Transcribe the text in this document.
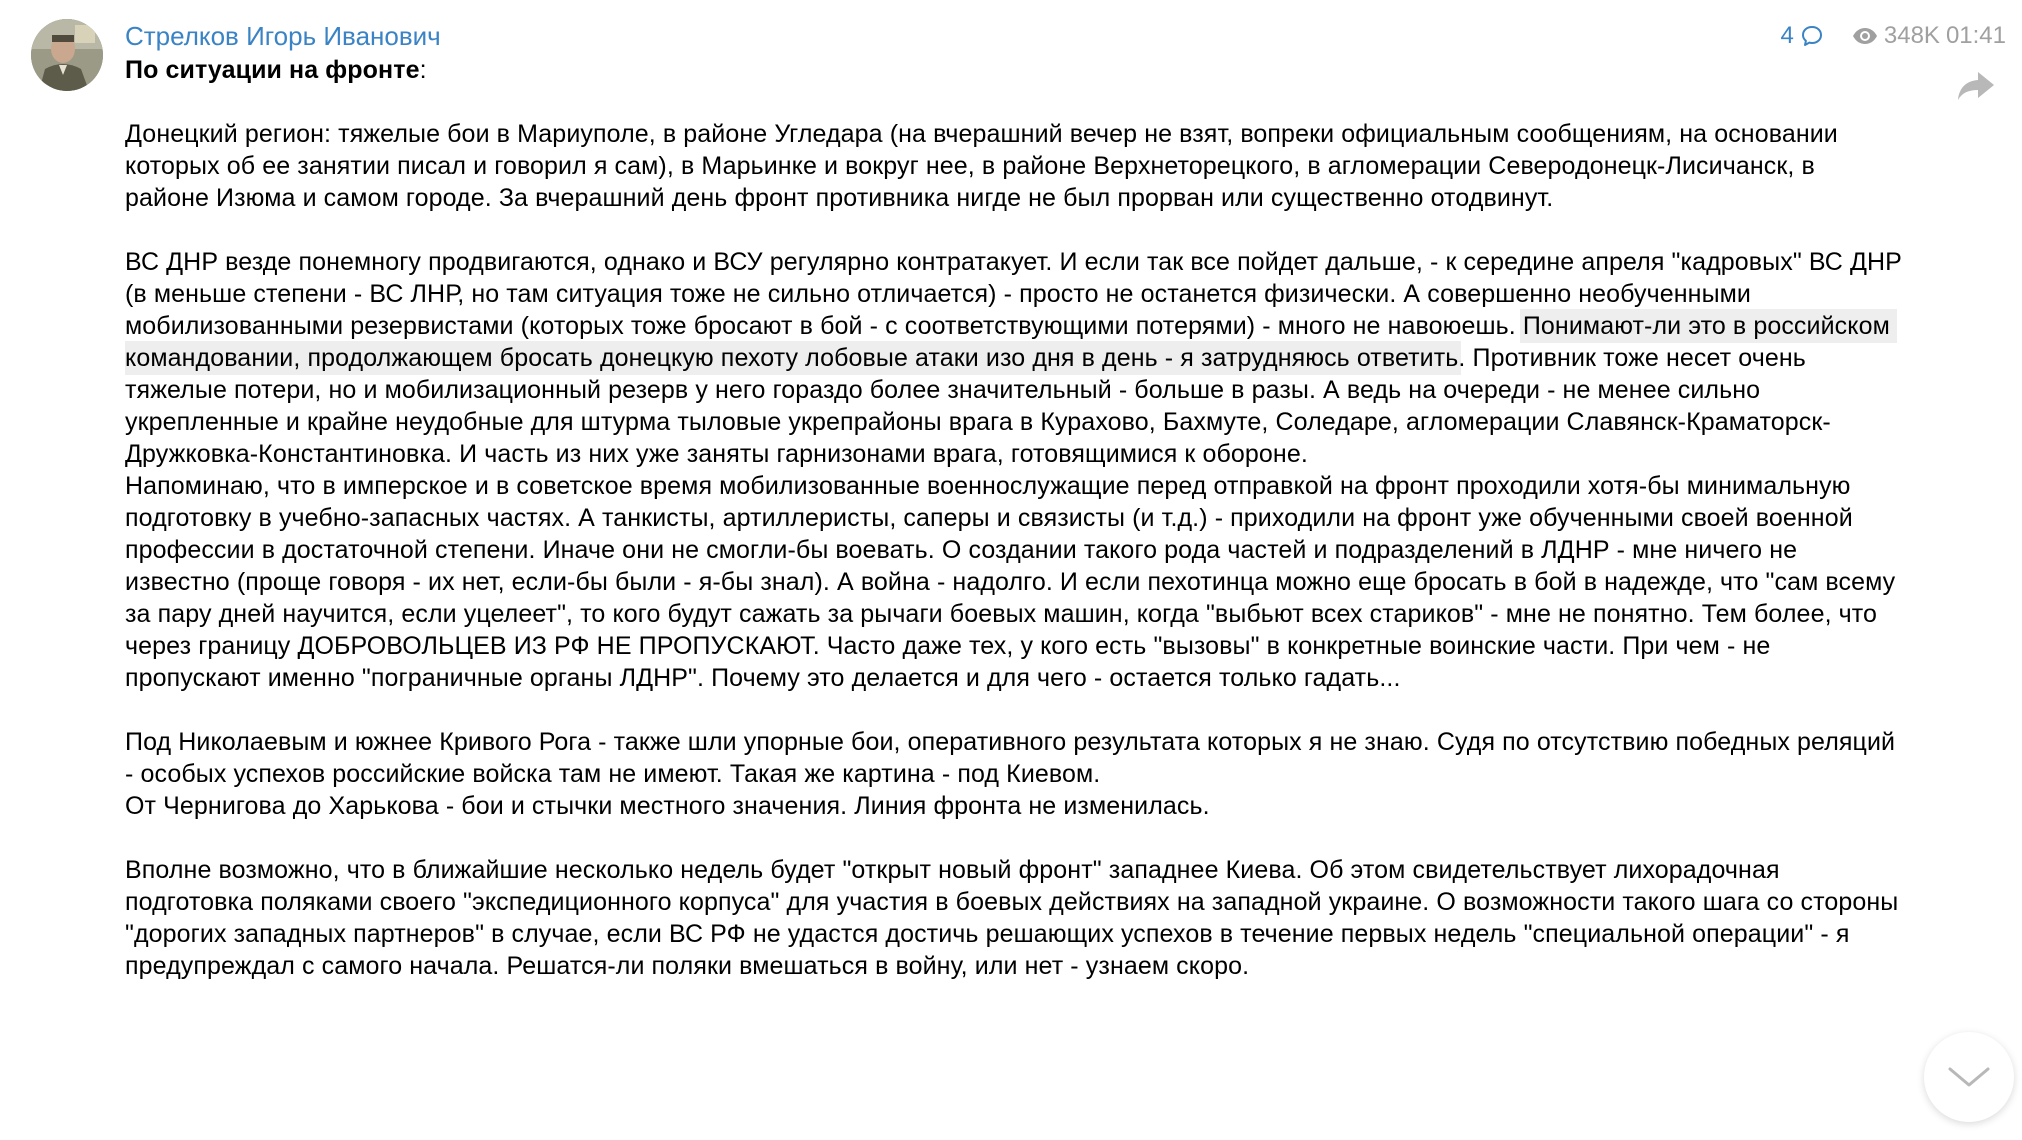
Стрелков Игорь Иванович

По ситуации на фронте:

Донецкий регион: тяжелые бои в Мариуполе, в районе Угледара (на вчерашний вечер не взят, вопреки официальным сообщениям, на основании которых об ее занятии писал и говорил я сам), в Марьинке и вокруг нее, в районе Верхнеторецкого, в агломерации Северодонецк-Лисичанск, в районе Изюма и самом городе. За вчерашний день фронт противника нигде не был прорван или существенно отодвинут.

ВС ДНР везде понемногу продвигаются, однако и ВСУ регулярно контратакует. И если так все пойдет дальше, - к середине апреля "кадровых" ВС ДНР (в меньше степени - ВС ЛНР, но там ситуация тоже не сильно отличается) - просто не останется физически. А совершенно необученными мобилизованными резервистами (которых тоже бросают в бой - с соответствующими потерями) - много не навоюешь. Понимают-ли это в российском командовании, продолжающем бросать донецкую пехоту лобовые атаки изо дня в день - я затрудняюсь ответить. Противник тоже несет очень тяжелые потери, но и мобилизационный резерв у него гораздо более значительный - больше в разы. А ведь на очереди - не менее сильно укрепленные и крайне неудобные для штурма тыловые укрепрайоны врага в Курахово, Бахмуте, Соледаре, агломерации Славянск-Краматорск-Дружковка-Константиновка. И часть из них уже заняты гарнизонами врага, готовящимися к обороне.

Напоминаю, что в имперское и в советское время мобилизованные военнослужащие перед отправкой на фронт проходили хотя-бы минимальную подготовку в учебно-запасных частях. А танкисты, артиллеристы, саперы и связисты (и т.д.) - приходили на фронт уже обученными своей военной профессии в достаточной степени. Иначе они не смогли-бы воевать. О создании такого рода частей и подразделений в ЛДНР - мне ничего не известно (проще говоря - их нет, если-бы были - я-бы знал). А война - надолго. И если пехотинца можно еще бросать в бой в надежде, что "сам всему за пару дней научится, если уцелеет", то кого будут сажать за рычаги боевых машин, когда "выбьют всех стариков" - мне не понятно. Тем более, что через границу ДОБРОВОЛЬЦЕВ ИЗ РФ НЕ ПРОПУСКАЮТ. Часто даже тех, у кого есть "вызовы" в конкретные воинские части. При чем - не пропускают именно "пограничные органы ЛДНР". Почему это делается и для чего - остается только гадать...

Под Николаевым и южнее Кривого Рога - также шли упорные бои, оперативного результата которых я не знаю. Судя по отсутствию победных реляций - особых успехов российские войска там не имеют. Такая же картина - под Киевом.

От Чернигова до Харькова - бои и стычки местного значения. Линия фронта не изменилась.

Вполне возможно, что в ближайшие несколько недель будет "открыт новый фронт" западнее Киева. Об этом свидетельствует лихорадочная подготовка поляками своего "экспедиционного корпуса" для участия в боевых действиях на западной украине. О возможности такого шага со стороны "дорогих западных партнеров" в случае, если ВС РФ не удастся достичь решающих успехов в течение первых недель "специальной операции" - я предупреждал с самого начала. Решатся-ли поляки вмешаться в войну, или нет - узнаем скоро.

4	348K 01:41
